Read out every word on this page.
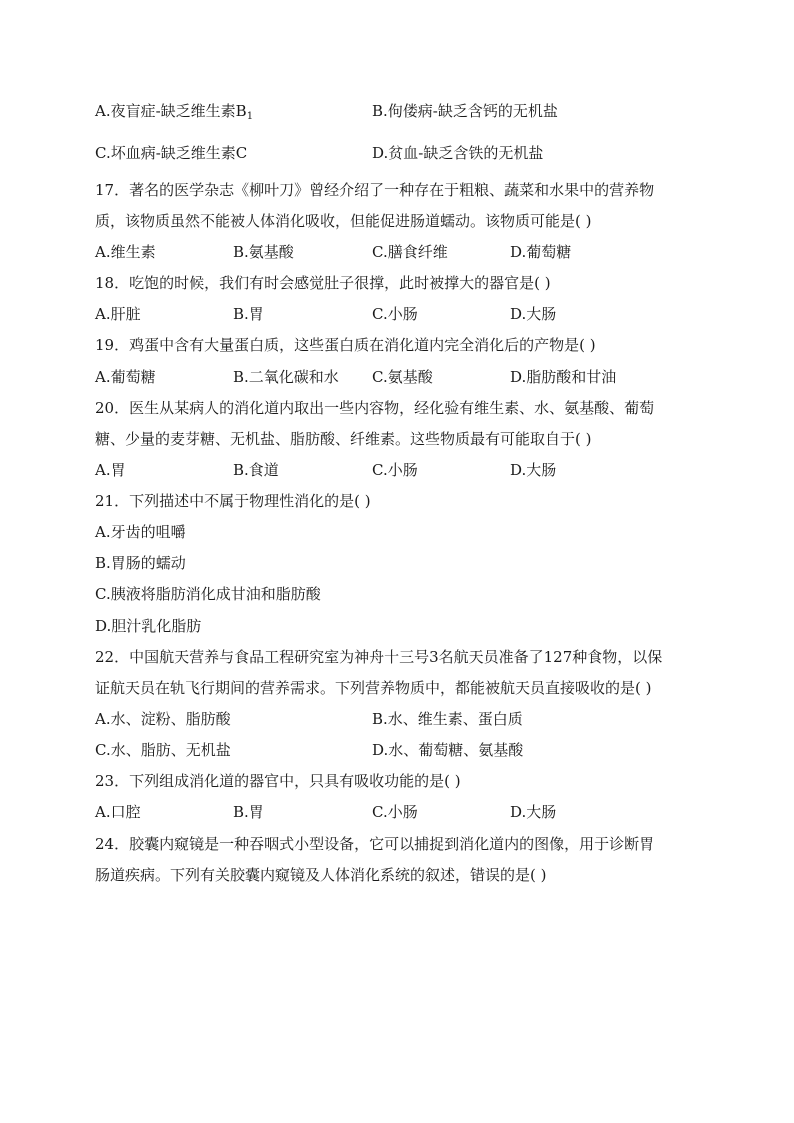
A.夜盲症-缺乏维生素$B_1$	B.佝偻病-缺乏含钙的无机盐
C.坏血病-缺乏维生素C	D.贫血-缺乏含铁的无机盐
17．著名的医学杂志《柳叶刀》曾经介绍了一种存在于粗粮、蔬菜和水果中的营养物
质，该物质虽然不能被人体消化吸收，但能促进肠道蠕动。该物质可能是( )
A.维生素	B.氨基酸	C.膳食纤维	D.葡萄糖
18．吃饱的时候，我们有时会感觉肚子很撑，此时被撑大的器官是( )
A.肝脏	B.胃	C.小肠	D.大肠
19．鸡蛋中含有大量蛋白质，这些蛋白质在消化道内完全消化后的产物是( )
A.葡萄糖	B.二氧化碳和水 C.氨基酸	D.脂肪酸和甘油
20．医生从某病人的消化道内取出一些内容物，经化验有维生素、水、氨基酸、葡萄
糖、少量的麦芽糖、无机盐、脂肪酸、纤维素。这些物质最有可能取自于( )
A.胃	B.食道	C.小肠	D.大肠
21．下列描述中不属于物理性消化的是( )
A.牙齿的咀嚼
B.胃肠的蠕动
C.胰液将脂肪消化成甘油和脂肪酸
D.胆汁乳化脂肪
22．中国航天营养与食品工程研究室为神舟十三号3名航天员准备了127种食物，以保
证航天员在轨飞行期间的营养需求。下列营养物质中，都能被航天员直接吸收的是( )
A.水、淀粉、脂肪酸	B.水、维生素、蛋白质
C.水、脂肪、无机盐	D.水、葡萄糖、氨基酸
23．下列组成消化道的器官中，只具有吸收功能的是( )
A.口腔	B.胃	C.小肠	D.大肠
24．胶囊内窥镜是一种吞咽式小型设备，它可以捕捉到消化道内的图像，用于诊断胃
肠道疾病。下列有关胶囊内窥镜及人体消化系统的叙述，错误的是( )
